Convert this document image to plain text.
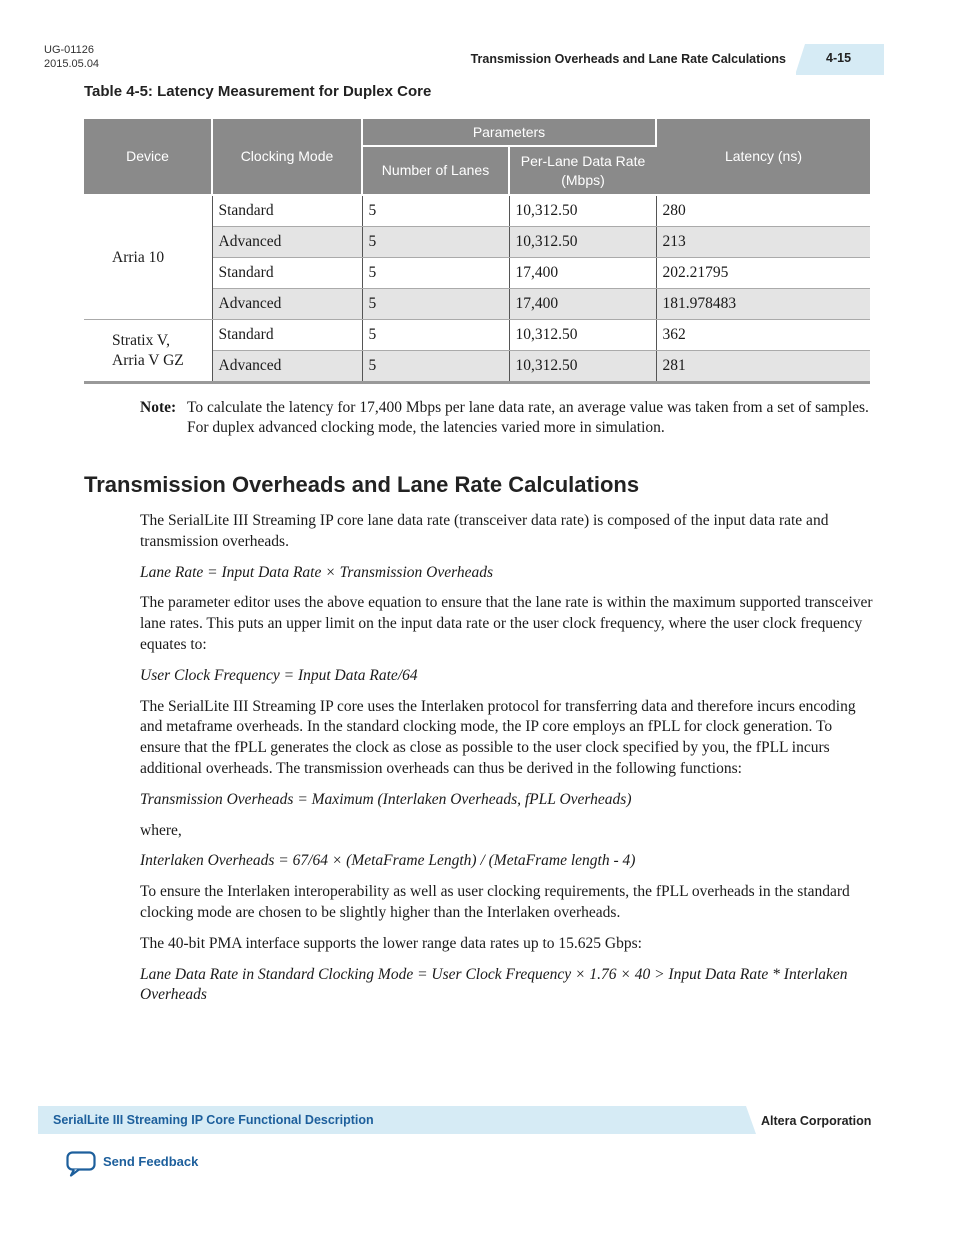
UG-01126
2015.05.04	Transmission Overheads and Lane Rate Calculations	4-15
Table 4-5: Latency Measurement for Duplex Core
Device	Clocking Mode	Parameters		Latency (ns)
		Number of Lanes	Per-Lane Data Rate (Mbps)	
Arria 10	Standard	5	10,312.50	280
	Advanced	5	10,312.50	213
	Standard	5	17,400	202.21795
	Advanced	5	17,400	181.978483
Stratix V, Arria V GZ	Standard	5	10,312.50	362
	Advanced	5	10,312.50	281
Note: To calculate the latency for 17,400 Mbps per lane data rate, an average value was taken from a set of samples. For duplex advanced clocking mode, the latencies varied more in simulation.
Transmission Overheads and Lane Rate Calculations

The SerialLite III Streaming IP core lane data rate (transceiver data rate) is composed of the input data rate and transmission overheads.

Lane Rate = Input Data Rate × Transmission Overheads

The parameter editor uses the above equation to ensure that the lane rate is within the maximum supported transceiver lane rates. This puts an upper limit on the input data rate or the user clock frequency, where the user clock frequency equates to:

User Clock Frequency = Input Data Rate/64

The SerialLite III Streaming IP core uses the Interlaken protocol for transferring data and therefore incurs encoding and metaframe overheads. In the standard clocking mode, the IP core employs an fPLL for clock generation. To ensure that the fPLL generates the clock as close as possible to the user clock specified by you, the fPLL incurs additional overheads. The transmission overheads can thus be derived in the following functions:

Transmission Overheads = Maximum (Interlaken Overheads, fPLL Overheads)

where,

Interlaken Overheads = 67/64 × (MetaFrame Length) / (MetaFrame length - 4)

To ensure the Interlaken interoperability as well as user clocking requirements, the fPLL overheads in the standard clocking mode are chosen to be slightly higher than the Interlaken overheads.

The 40-bit PMA interface supports the lower range data rates up to 15.625 Gbps:

Lane Data Rate in Standard Clocking Mode = User Clock Frequency × 1.76 × 40 > Input Data Rate * Interlaken Overheads

SerialLite III Streaming IP Core Functional Description	Altera Corporation
Send Feedback
